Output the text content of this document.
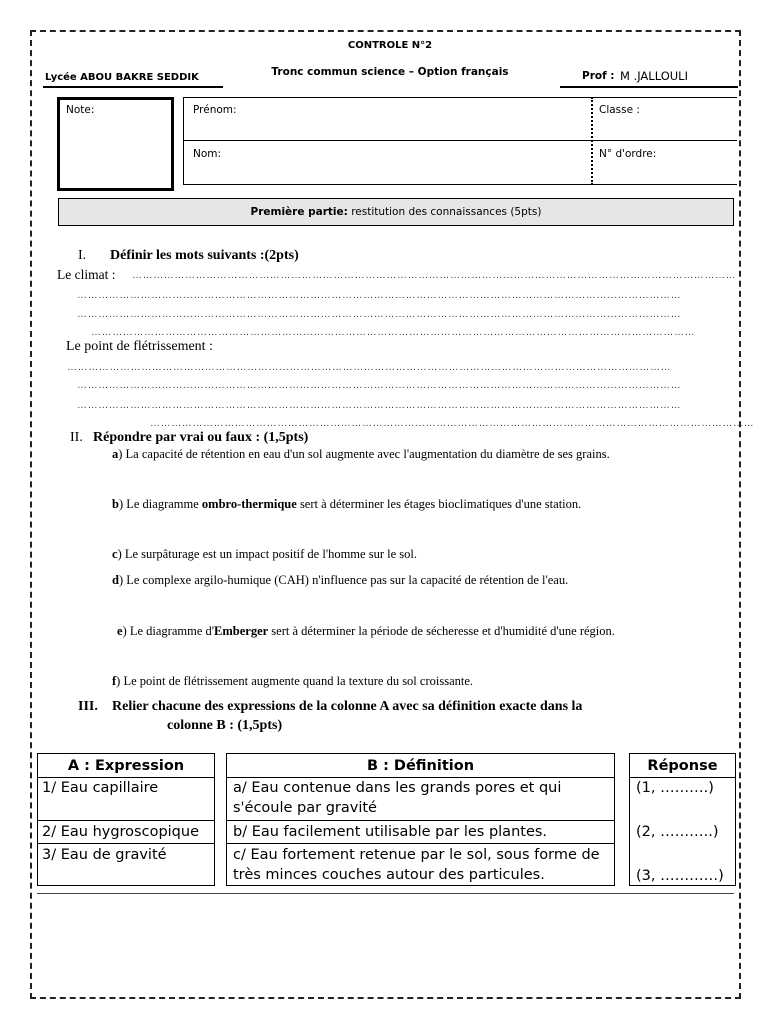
CONTROLE N°2
Tronc commun science – Option français
Lycée ABOU BAKRE SEDDIK	Prof : M .JALLOULI
Note:	Prénom:
Nom:
Classe :
N° d'ordre:
Première partie: restitution des connaissances (5pts)
I. Définir les mots suivants :(2pts)
Le climat : ………………………………………………………………………………………………………………………………………………………
………………………………………………………………………………………………………………………………………………………
………………………………………………………………………………………………………………………………………………………
………………………………………………………………………………………………………………………………………………………
Le point de flétrissement :
………………………………………………………………………………………………………………………………………………………
………………………………………………………………………………………………………………………………………………………
………………………………………………………………………………………………………………………………………………………
………………………………………………………………………………………………………………………………………………………
II. Répondre par vrai ou faux : (1,5pts)
a) La capacité de rétention en eau d'un sol augmente avec l'augmentation du diamètre de ses grains.
b) Le diagramme ombro-thermique sert à déterminer les étages bioclimatiques d'une station.
c) Le surpâturage est un impact positif de l'homme sur le sol.
d) Le complexe argilo-humique (CAH) n'influence pas sur la capacité de rétention de l'eau.
e) Le diagramme d'Emberger sert à déterminer la période de sécheresse et d'humidité d'une région.
f) Le point de flétrissement augmente quand la texture du sol croissante.
III. Relier chacune des expressions de la colonne A avec sa définition exacte dans la
colonne B : (1,5pts)
A : Expression
1/ Eau capillaire
2/ Eau hygroscopique
3/ Eau de gravité
B : Définition
a/ Eau contenue dans les grands pores et qui s'écoule par gravité
b/ Eau facilement utilisable par les plantes.
c/ Eau fortement retenue par le sol, sous forme de très minces couches autour des particules.
Réponse
(1, ……….)
(2, ………..)
(3, …………)
